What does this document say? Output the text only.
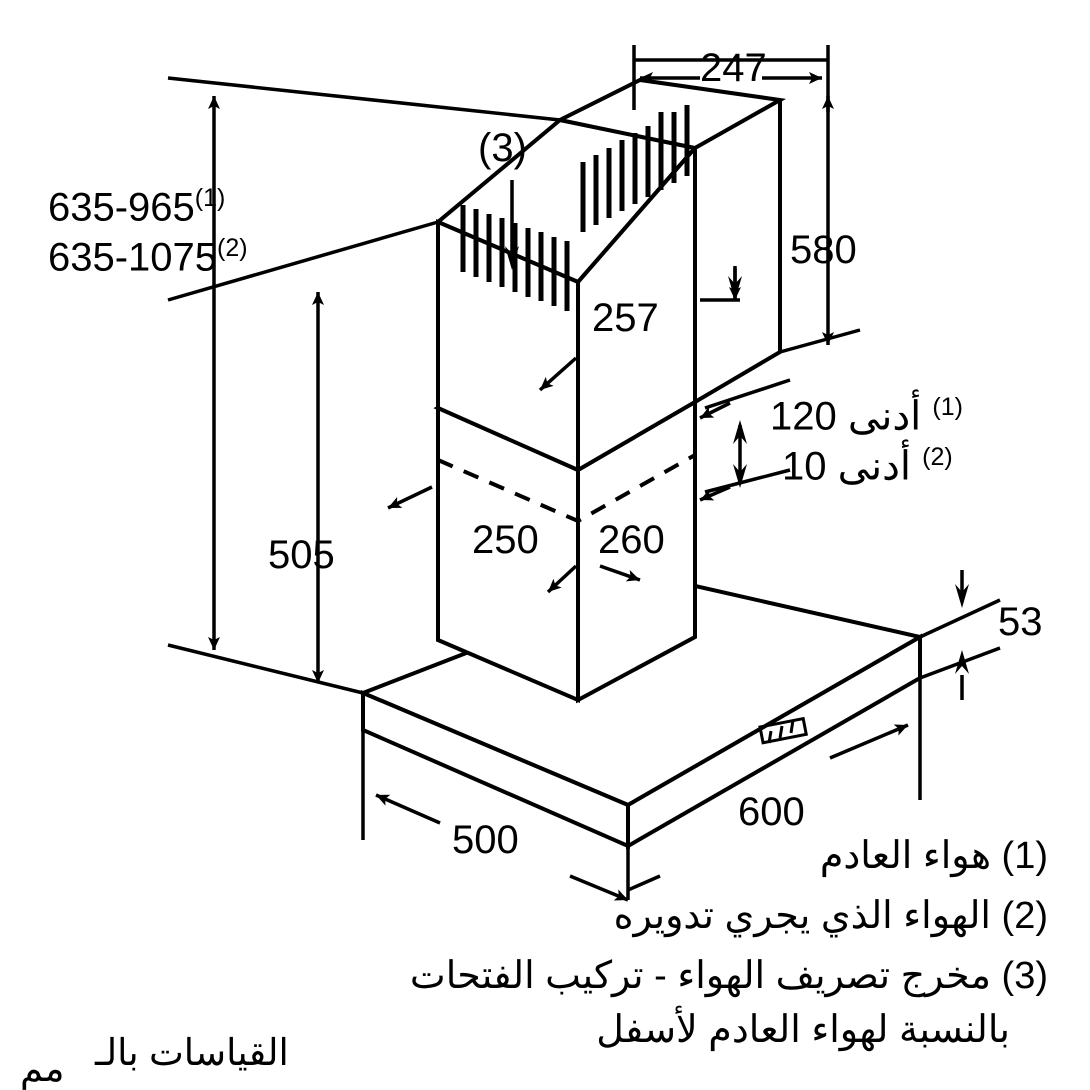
635-965$^{(1)}$
635-1075$^{(2)}$
(3)
247
580
257
$^{(1)}$ أدنى 120
$^{(2)}$ أدنى 10
505	250 260
53
600
500	(1) هواء العادم
(2) الهواء الذي يجري تدويره
(3) مخرج تصريف الهواء - تركيب الفتحات
بالنسبة لهواء العادم لأسفل
القياسات بالـ
مم
